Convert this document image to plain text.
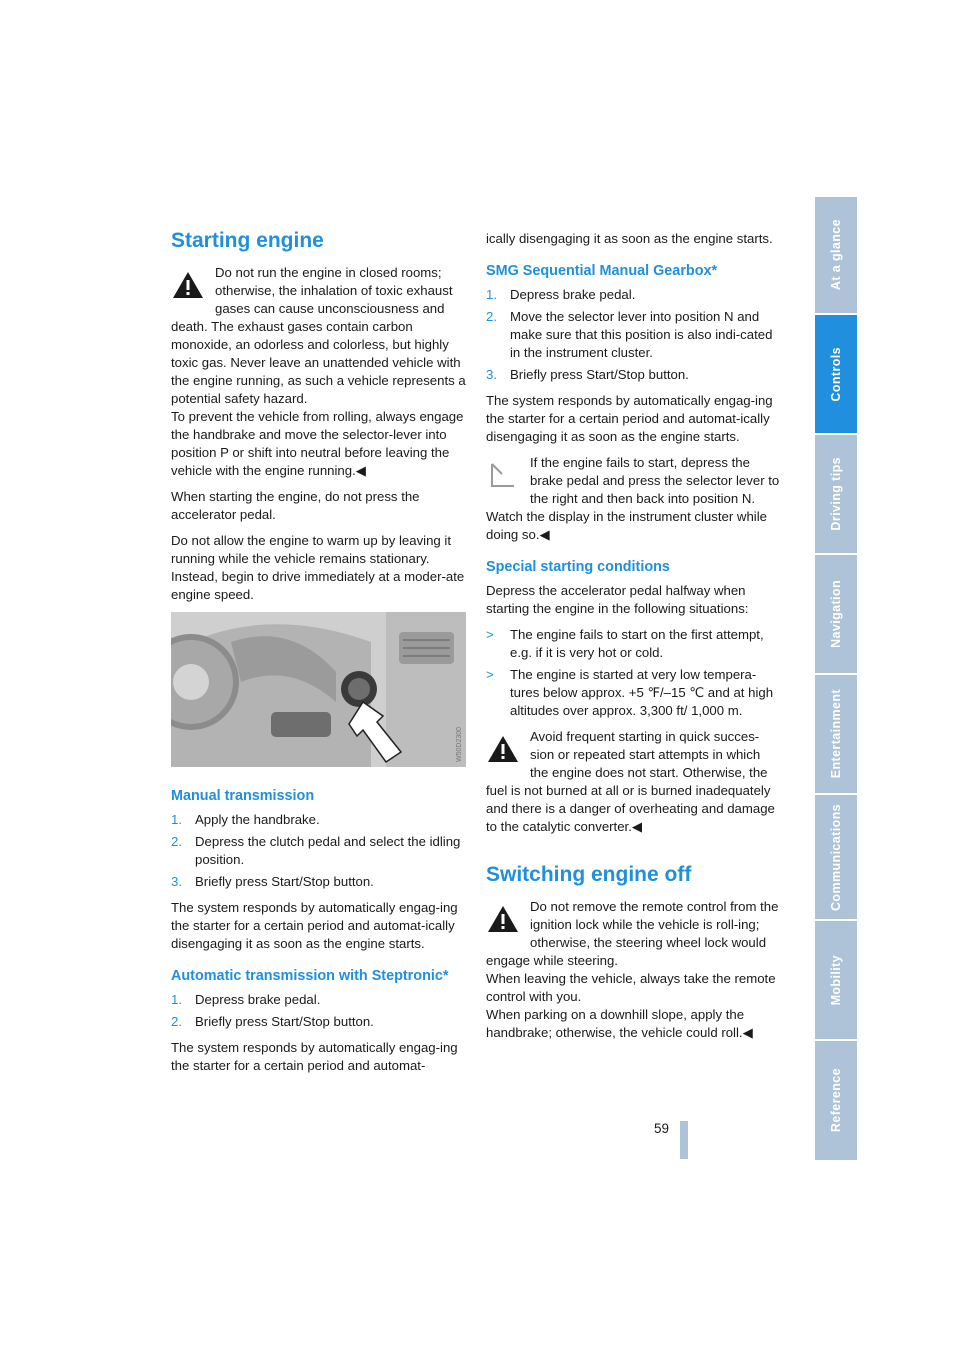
Starting engine
Do not run the engine in closed rooms; otherwise, the inhalation of toxic exhaust gases can cause unconsciousness and death. The exhaust gases contain carbon monoxide, an odorless and colorless, but highly toxic gas. Never leave an unattended vehicle with the engine running, as such a vehicle represents a potential safety hazard.
To prevent the vehicle from rolling, always engage the handbrake and move the selector-lever into position P or shift into neutral before leaving the vehicle with the engine running.◀

When starting the engine, do not press the accelerator pedal.

Do not allow the engine to warm up by leaving it running while the vehicle remains stationary. Instead, begin to drive immediately at a moder-ate engine speed.

W50D2300
Manual transmission
1. Apply the handbrake.
2. Depress the clutch pedal and select the idling position.
3. Briefly press Start/Stop button.

The system responds by automatically engag-ing the starter for a certain period and automat-ically disengaging it as soon as the engine starts.

Automatic transmission with Steptronic*
1. Depress brake pedal.
2. Briefly press Start/Stop button.

The system responds by automatically engag-ing the starter for a certain period and automat-

ically disengaging it as soon as the engine starts.

SMG Sequential Manual Gearbox*
1. Depress brake pedal.
2. Move the selector lever into position N and make sure that this position is also indi-cated in the instrument cluster.
3. Briefly press Start/Stop button.

The system responds by automatically engag-ing the starter for a certain period and automat-ically disengaging it as soon as the engine starts.

If the engine fails to start, depress the brake pedal and press the selector lever to the right and then back into position N. Watch the display in the instrument cluster while doing so.◀
Special starting conditions

Depress the accelerator pedal halfway when starting the engine in the following situations:

>	The engine fails to start on the first attempt, e.g. if it is very hot or cold.
>	The engine is started at very low tempera-tures below approx. +5 ℉/–15 ℃ and at high altitudes over approx. 3,300 ft/ 1,000 m.
Avoid frequent starting in quick succes-sion or repeated start attempts in which the engine does not start. Otherwise, the fuel is not burned at all or is burned inadequately and there is a danger of overheating and damage to the catalytic converter.◀
Switching engine off
Do not remove the remote control from the ignition lock while the vehicle is roll-ing; otherwise, the steering wheel lock would engage while steering.
When leaving the vehicle, always take the remote control with you.
When parking on a downhill slope, apply the handbrake; otherwise, the vehicle could roll.◀
At a glance
Controls
Driving tips
Navigation
Entertainment
Communications
Mobility
Reference
59
